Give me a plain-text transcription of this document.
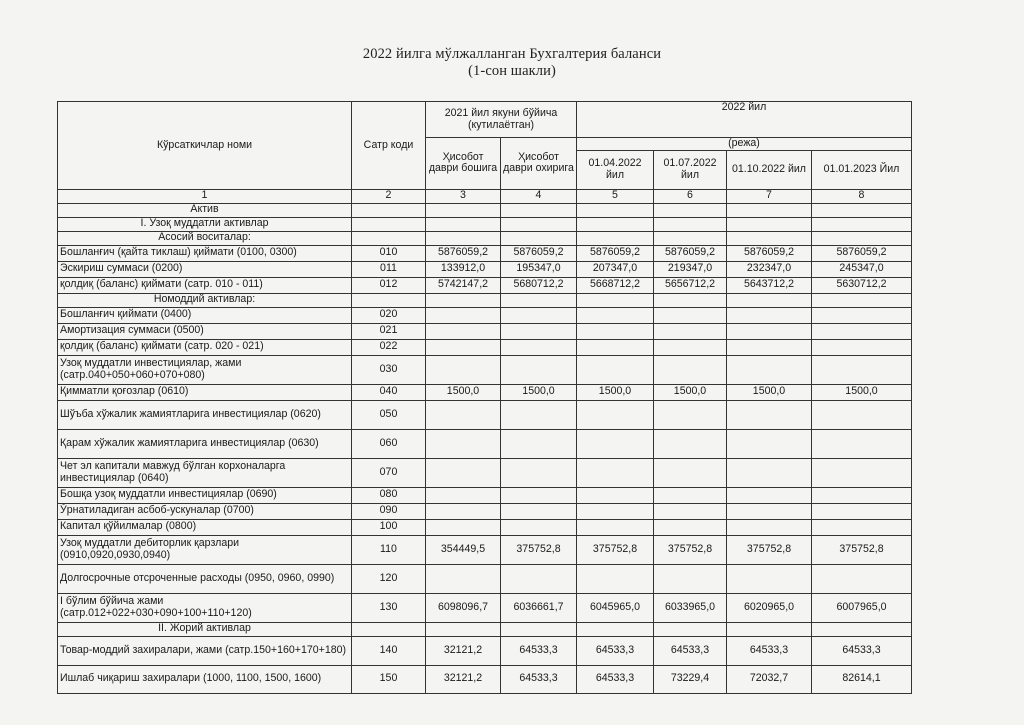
2022 йилга мўлжалланган Бухгалтерия баланси
(1-сон шакли)
Кўрсаткичлар номи	Сатр коди	2021 йил якуни бўйича (кутилаётган)		2022 йил			
		Ҳисобот даври бошига	Ҳисобот даври охирига	(режа)			
				01.04.2022 йил	01.07.2022 йил	01.10.2022 йил	01.01.2023 Йил
1	2	3	4	5	6	7	8
Актив							
I. Узоқ муддатли активлар							
Асосий воситалар:							
Бошланғич (қайта тиклаш) қиймати (0100, 0300)	010	5876059,2	5876059,2	5876059,2	5876059,2	5876059,2	5876059,2
Эскириш суммаси (0200)	011	133912,0	195347,0	207347,0	219347,0	232347,0	245347,0
қолдиқ (баланс) қиймати (сатр. 010 - 011)	012	5742147,2	5680712,2	5668712,2	5656712,2	5643712,2	5630712,2
Номоддий активлар:							
Бошланғич қиймати (0400)	020						
Амортизация суммаси (0500)	021						
қолдиқ (баланс) қиймати (сатр. 020 - 021)	022						
Узоқ муддатли инвестициялар, жами (сатр.040+050+060+070+080)	030						
Қимматли қоғозлар (0610)	040	1500,0	1500,0	1500,0	1500,0	1500,0	1500,0
Шўъба хўжалик жамиятларига инвестициялар (0620)	050						
Қарам хўжалик жамиятларига инвестициялар (0630)	060						
Чет эл капитали мавжуд бўлган корхоналарга инвестициялар (0640)	070						
Бошқа узоқ муддатли инвестициялар (0690)	080						
Ўрнатиладиган асбоб-ускуналар (0700)	090						
Капитал қўйилмалар (0800)	100						
Узоқ муддатли дебиторлик қарзлари (0910,0920,0930,0940)	110	354449,5	375752,8	375752,8	375752,8	375752,8	375752,8
Долгосрочные отсроченные расходы (0950, 0960, 0990)	120						
I бўлим бўйича жами (сатр.012+022+030+090+100+110+120)	130	6098096,7	6036661,7	6045965,0	6033965,0	6020965,0	6007965,0
II. Жорий активлар							
Товар-моддий захиралари, жами (сатр.150+160+170+180)	140	32121,2	64533,3	64533,3	64533,3	64533,3	64533,3
Ишлаб чиқариш захиралари (1000, 1100, 1500, 1600)	150	32121,2	64533,3	64533,3	73229,4	72032,7	82614,1
